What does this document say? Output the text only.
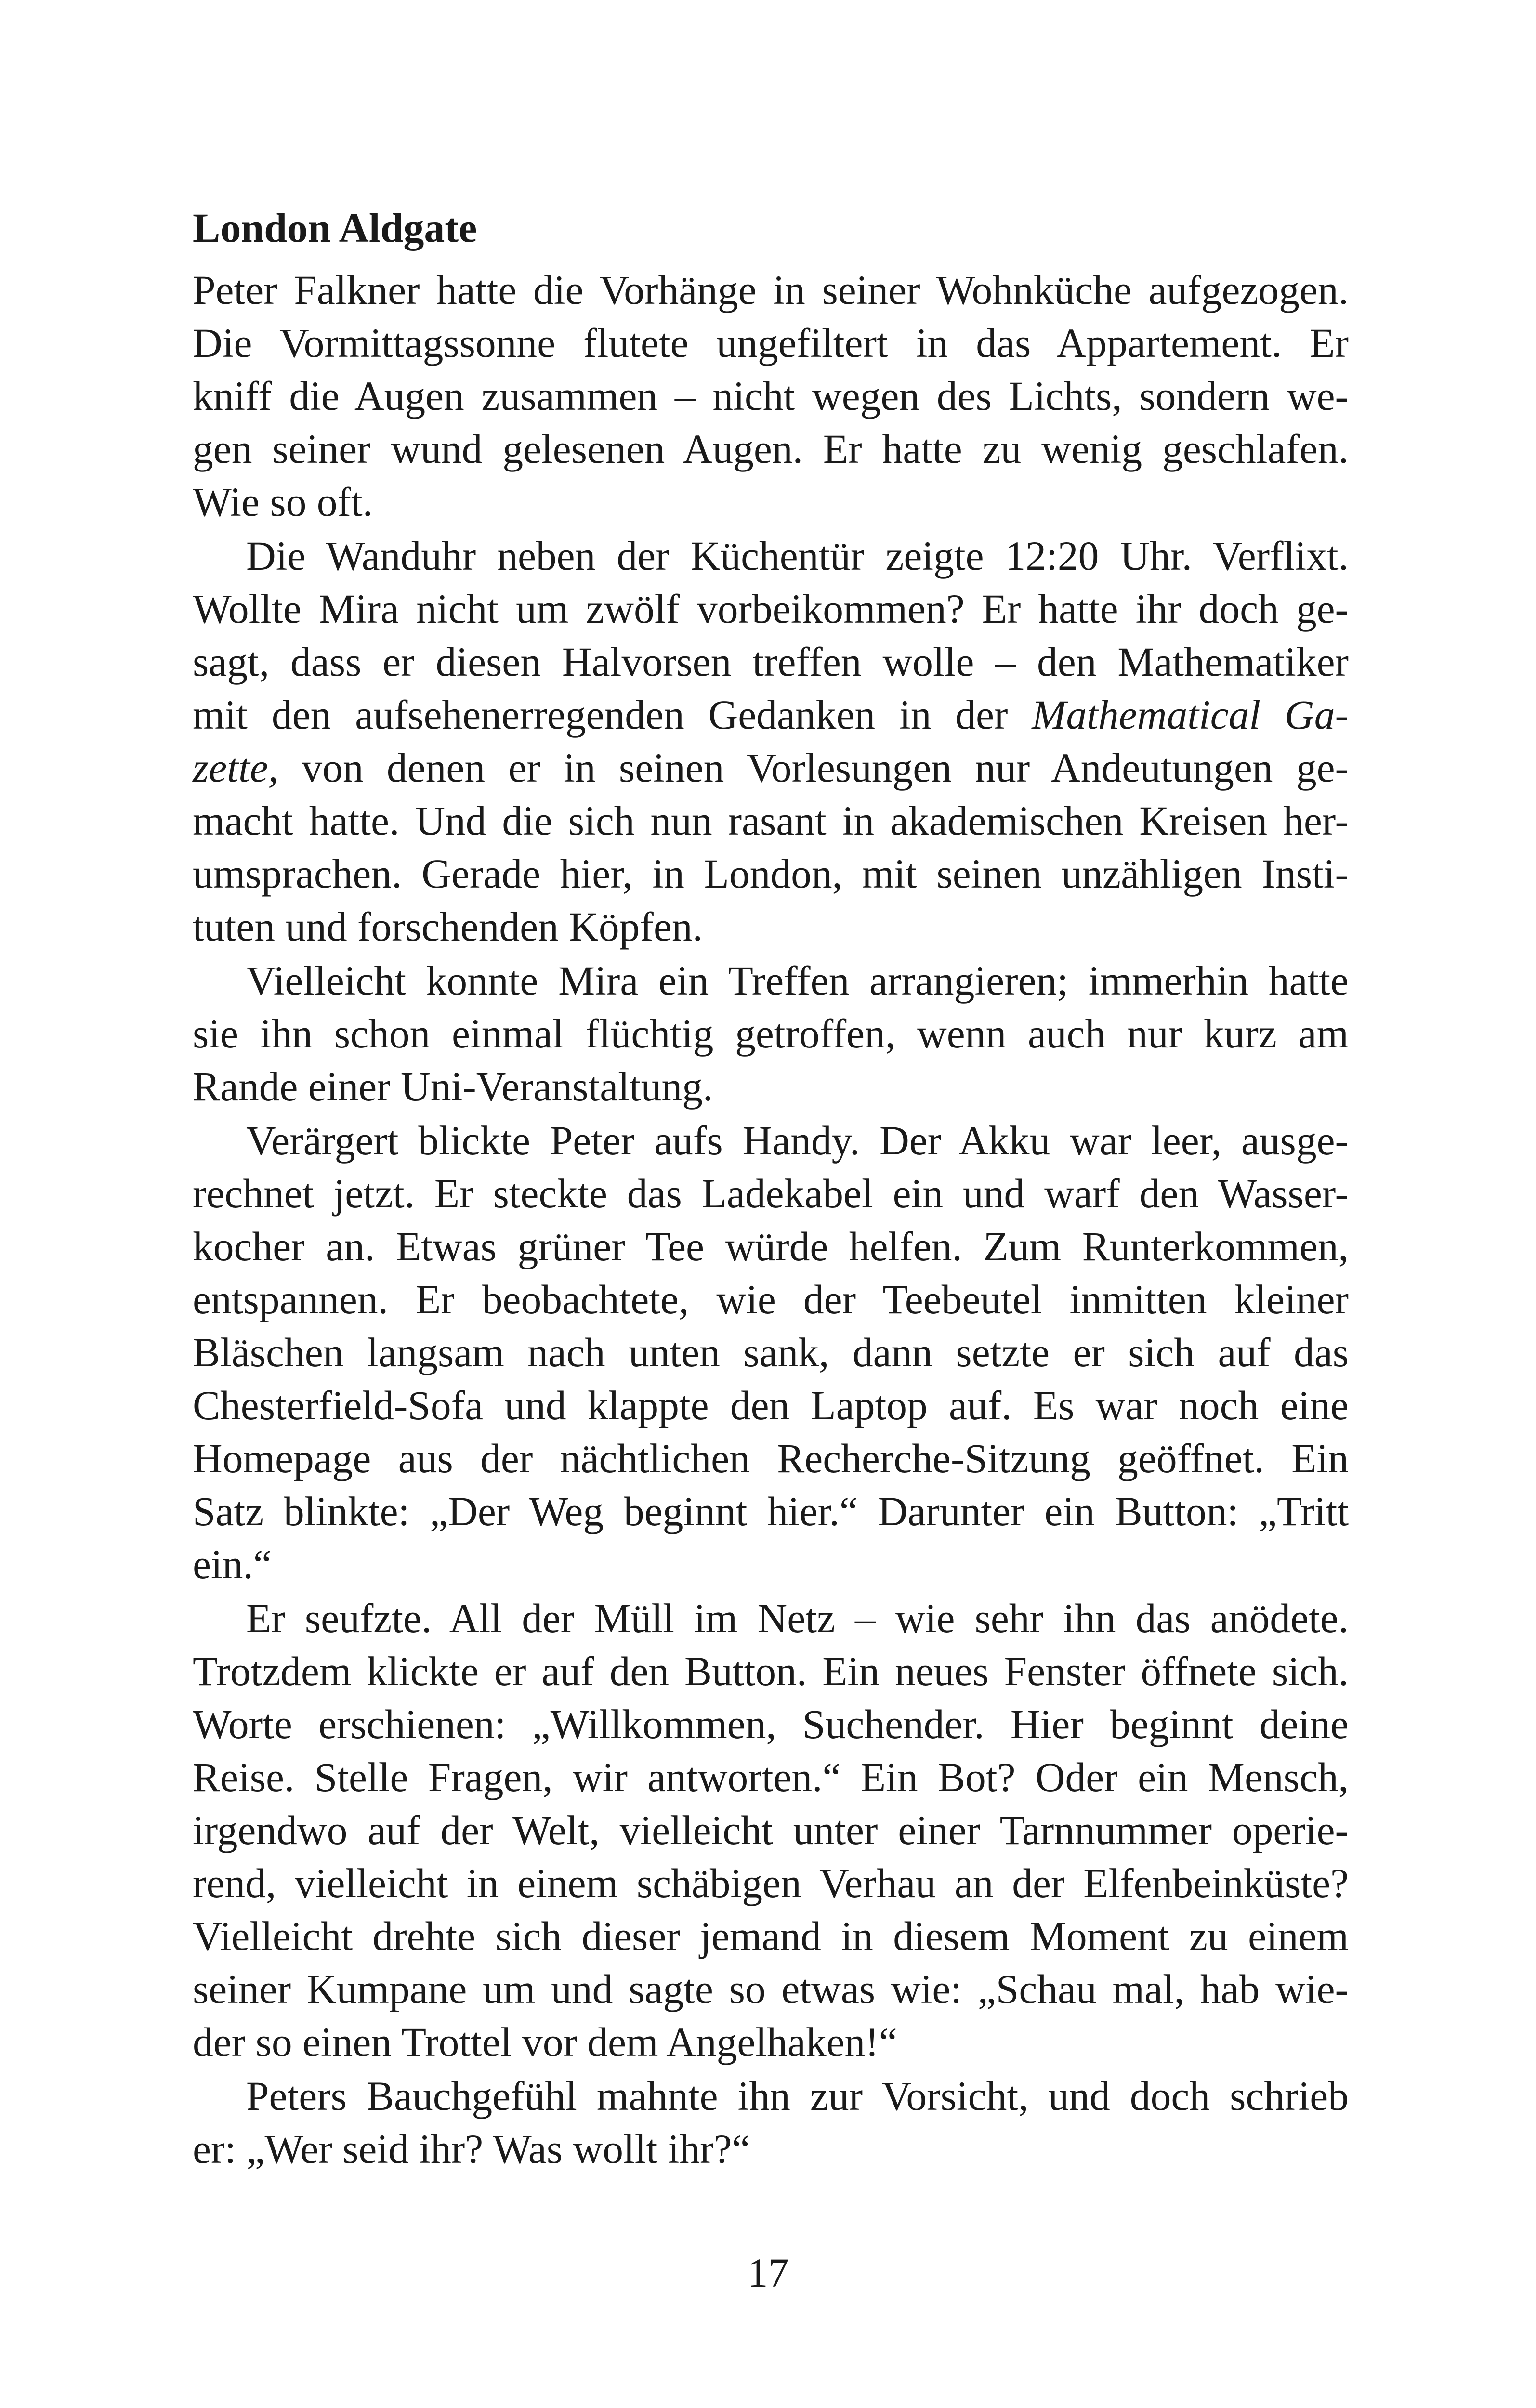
London Aldgate
Peter Falkner hatte die Vorhänge in seiner Wohnküche aufgezogen.
Die Vormittagssonne flutete ungefiltert in das Appartement. Er
kniff die Augen zusammen – nicht wegen des Lichts, sondern we-
gen seiner wund gelesenen Augen. Er hatte zu wenig geschlafen.
Wie so oft.
Die Wanduhr neben der Küchentür zeigte 12:20 Uhr. Verflixt.
Wollte Mira nicht um zwölf vorbeikommen? Er hatte ihr doch ge-
sagt, dass er diesen Halvorsen treffen wolle – den Mathematiker
mit den aufsehenerregenden Gedanken in der Mathematical Ga-
zette, von denen er in seinen Vorlesungen nur Andeutungen ge-
macht hatte. Und die sich nun rasant in akademischen Kreisen her-
umsprachen. Gerade hier, in London, mit seinen unzähligen Insti-
tuten und forschenden Köpfen.
Vielleicht konnte Mira ein Treffen arrangieren; immerhin hatte
sie ihn schon einmal flüchtig getroffen, wenn auch nur kurz am
Rande einer Uni-Veranstaltung.
Verärgert blickte Peter aufs Handy. Der Akku war leer, ausge-
rechnet jetzt. Er steckte das Ladekabel ein und warf den Wasser-
kocher an. Etwas grüner Tee würde helfen. Zum Runterkommen,
entspannen. Er beobachtete, wie der Teebeutel inmitten kleiner
Bläschen langsam nach unten sank, dann setzte er sich auf das
Chesterfield-Sofa und klappte den Laptop auf. Es war noch eine
Homepage aus der nächtlichen Recherche-Sitzung geöffnet. Ein
Satz blinkte: „Der Weg beginnt hier.“ Darunter ein Button: „Tritt
ein.“
Er seufzte. All der Müll im Netz – wie sehr ihn das anödete.
Trotzdem klickte er auf den Button. Ein neues Fenster öffnete sich.
Worte erschienen: „Willkommen, Suchender. Hier beginnt deine
Reise. Stelle Fragen, wir antworten.“ Ein Bot? Oder ein Mensch,
irgendwo auf der Welt, vielleicht unter einer Tarnnummer operie-
rend, vielleicht in einem schäbigen Verhau an der Elfenbeinküste?
Vielleicht drehte sich dieser jemand in diesem Moment zu einem
seiner Kumpane um und sagte so etwas wie: „Schau mal, hab wie-
der so einen Trottel vor dem Angelhaken!“
Peters Bauchgefühl mahnte ihn zur Vorsicht, und doch schrieb
er: „Wer seid ihr? Was wollt ihr?“
17
